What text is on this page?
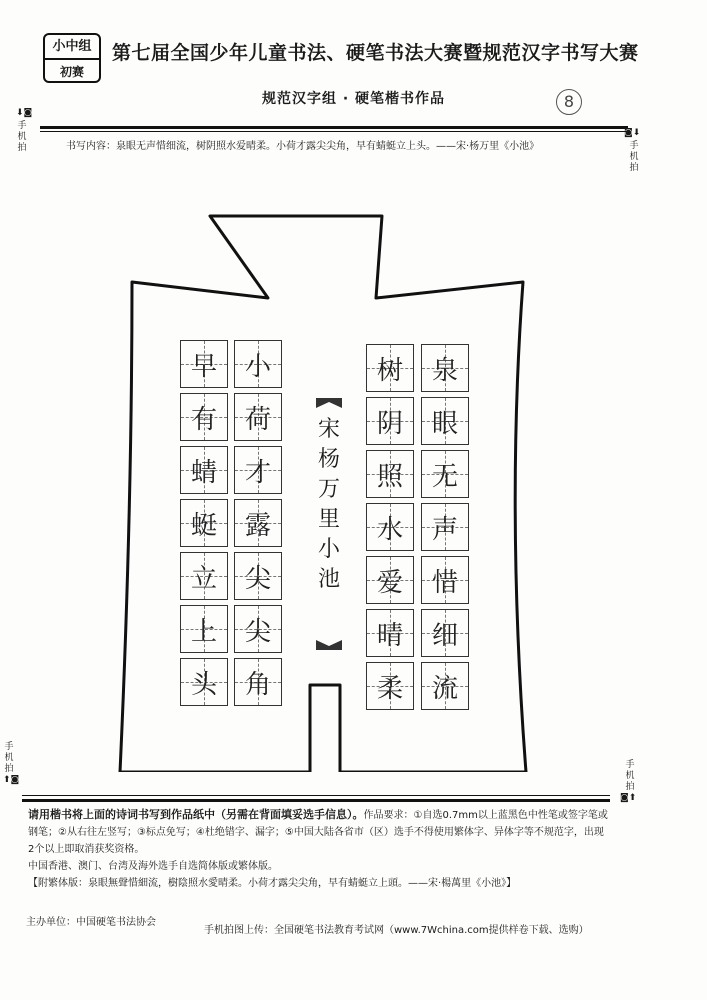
小中组
初赛
第七届全国少年儿童书法、硬笔书法大赛暨规范汉字书写大赛
规范汉字组 · 硬笔楷书作品	8
⬇◙
手机拍
◙⬇
手机拍
书写内容：泉眼无声惜细流，树阴照水爱晴柔。小荷才露尖尖角，早有蜻蜓立上头。——宋·杨万里《小池》
泉
眼
无
声
惜
细
流
树
阴
照
水
爱
晴
柔
小
荷
才
露
尖
尖
角
早
有
蜻
蜓
立
上
头
宋杨万里小池
手机拍
⬆◙
手机拍
◙⬆
请用楷书将上面的诗词书写到作品纸中（另需在背面填妥选手信息）。作品要求：①自选0.7mm以上蓝黑色中性笔或签字笔或钢笔；②从右往左竖写；③标点免写；④杜绝错字、漏字；⑤中国大陆各省市（区）选手不得使用繁体字、异体字等不规范字，出现2个以上即取消获奖资格。
中国香港、澳门、台湾及海外选手自选简体版或繁体版。
【附繁体版：泉眼無聲惜細流，樹陰照水愛晴柔。小荷才露尖尖角，早有蜻蜓立上頭。——宋·楊萬里《小池》】
主办单位：中国硬笔书法协会
手机拍图上传：全国硬笔书法教育考试网（www.7Wchina.com提供样卷下载、选购）
